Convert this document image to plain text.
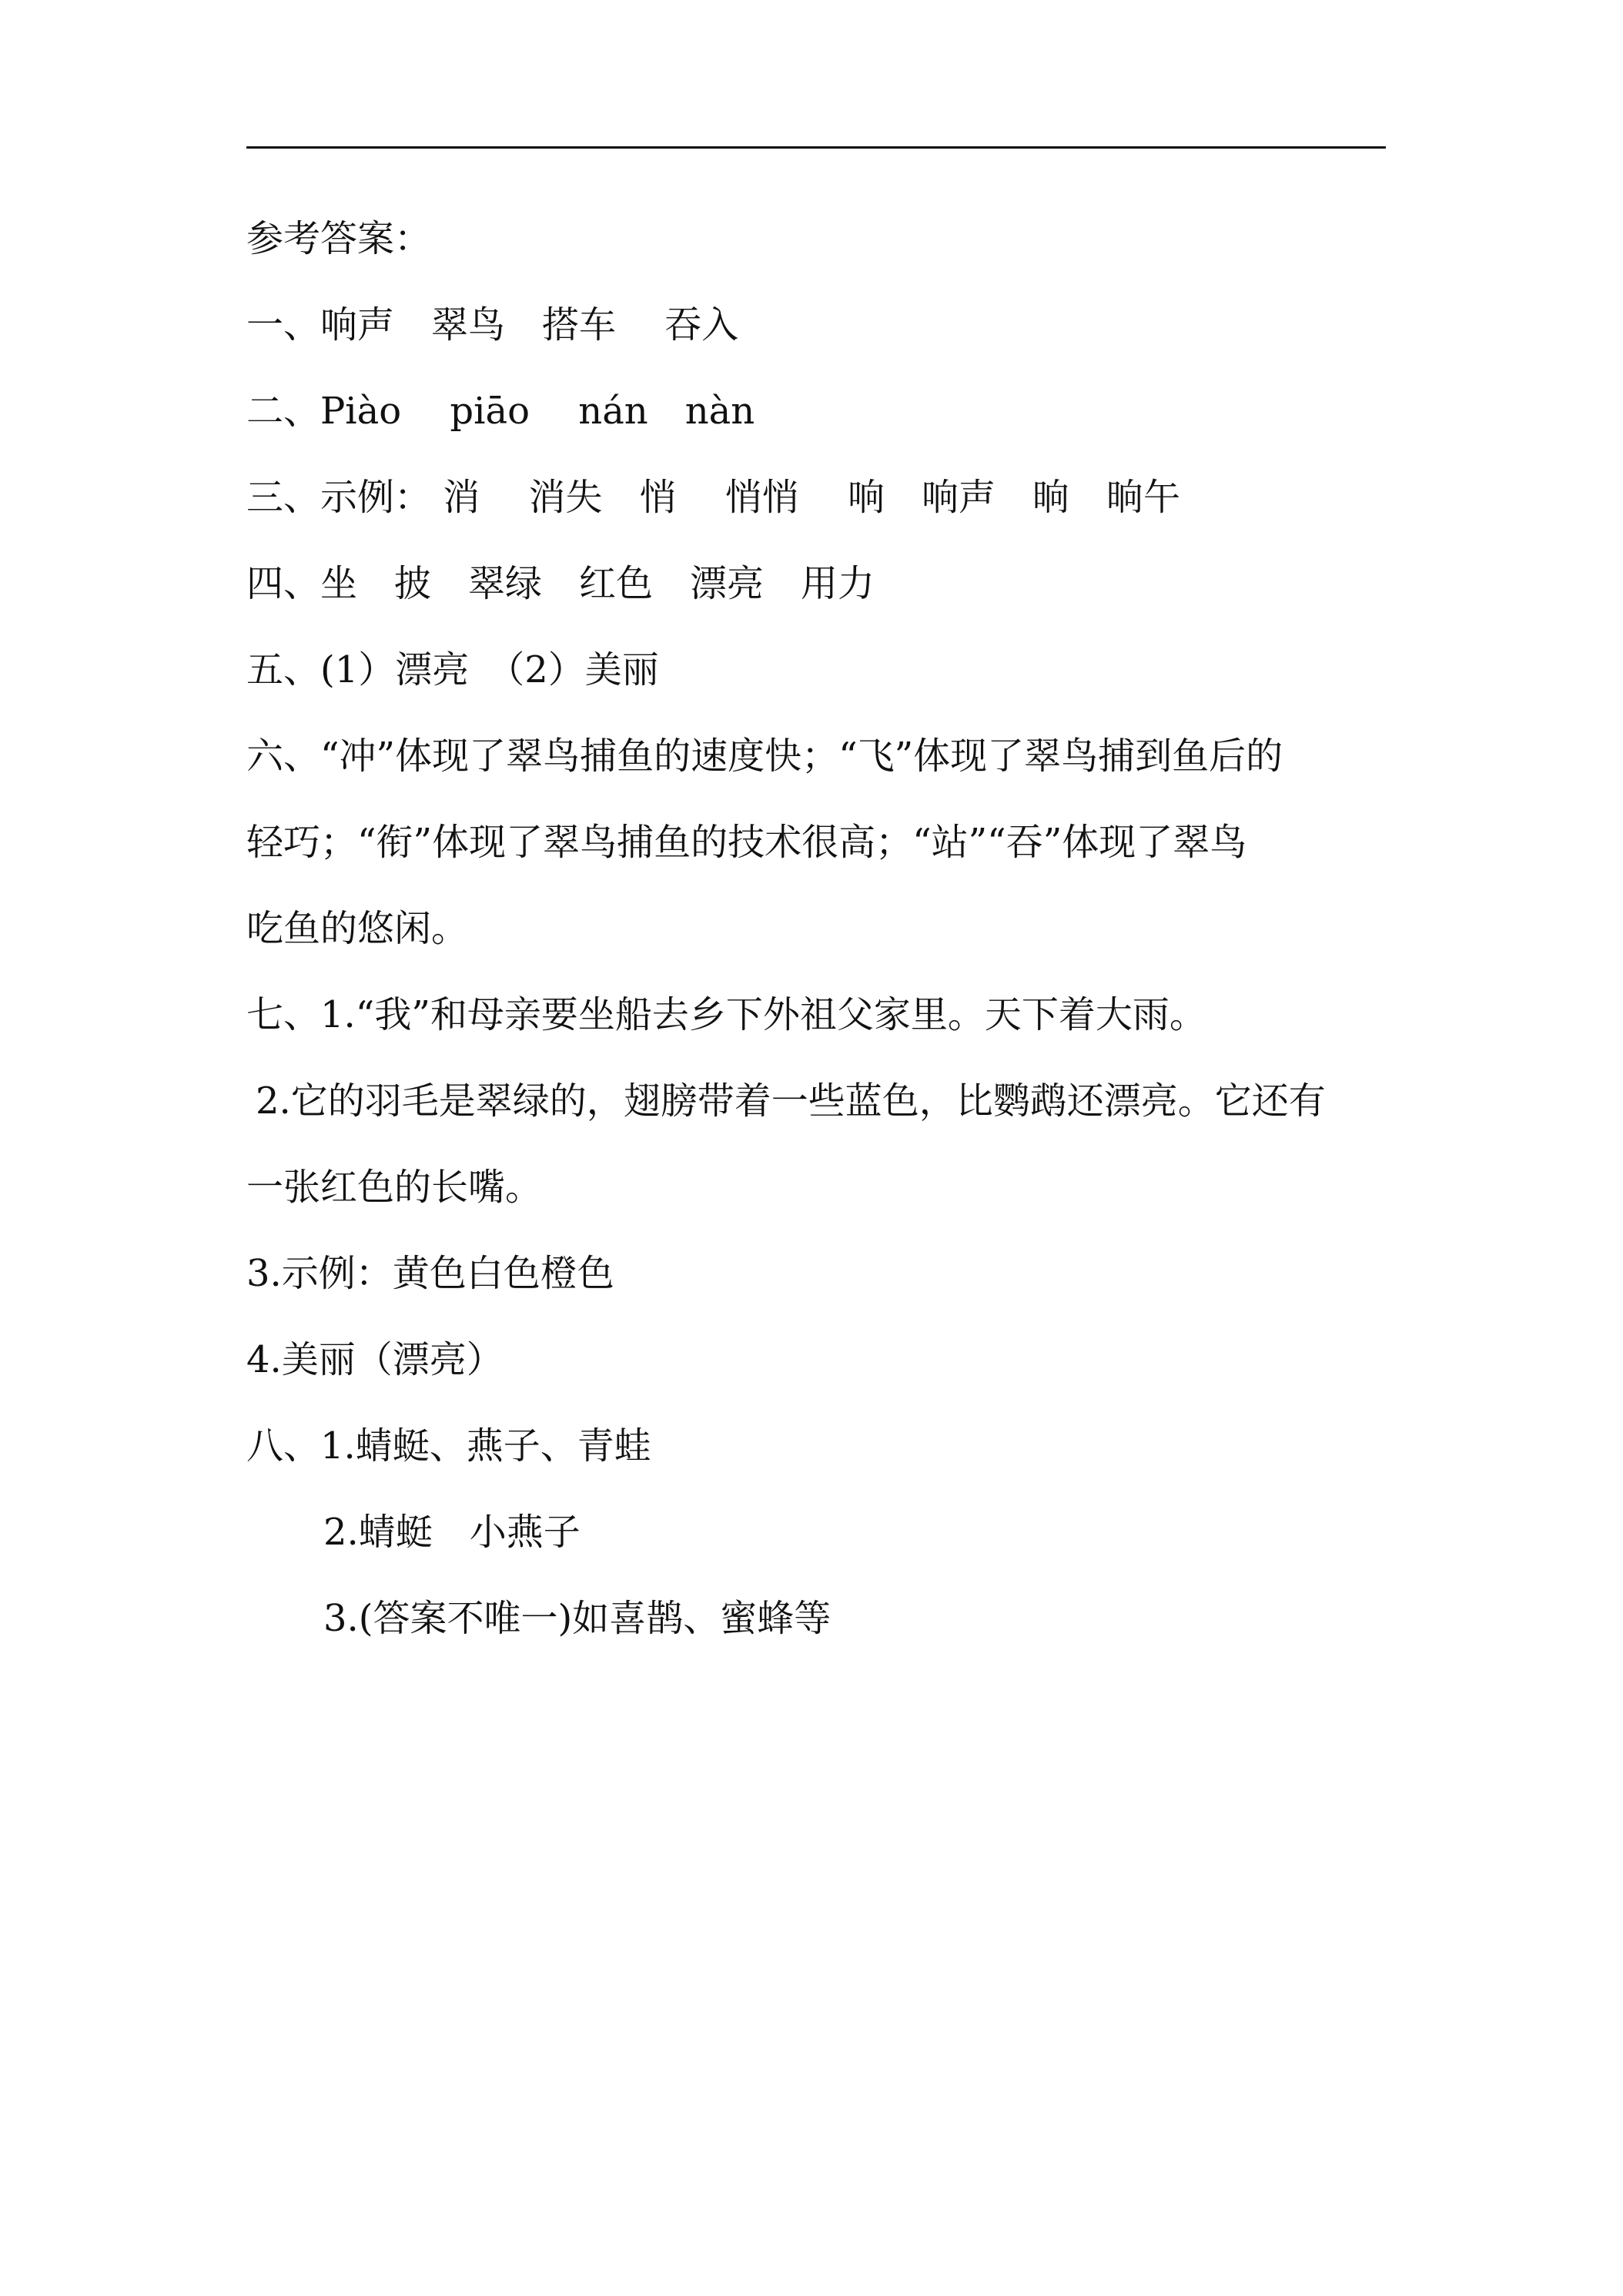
参考答案：
一、响声　翠鸟　搭车　 吞入
二、Piào　 piāo　 nán　nàn
三、示例： 消　 消失　悄　 悄悄　 响　响声　晌　晌午
四、坐　披　翠绿　红色　漂亮　用力
五、(1）漂亮　（2）美丽
六、“冲”体现了翠鸟捕鱼的速度快；“飞”体现了翠鸟捕到鱼后的
轻巧；“衔”体现了翠鸟捕鱼的技术很高；“站”“吞”体现了翠鸟
吃鱼的悠闲。
七、1.“我”和母亲要坐船去乡下外祖父家里。天下着大雨。
2.它的羽毛是翠绿的，翅膀带着一些蓝色，比鹦鹉还漂亮。它还有
一张红色的长嘴。
3.示例：黄色白色橙色
4.美丽（漂亮）
八、1.蜻蜓、燕子、青蛙
2.蜻蜓　小燕子
3.(答案不唯一)如喜鹊、蜜蜂等
